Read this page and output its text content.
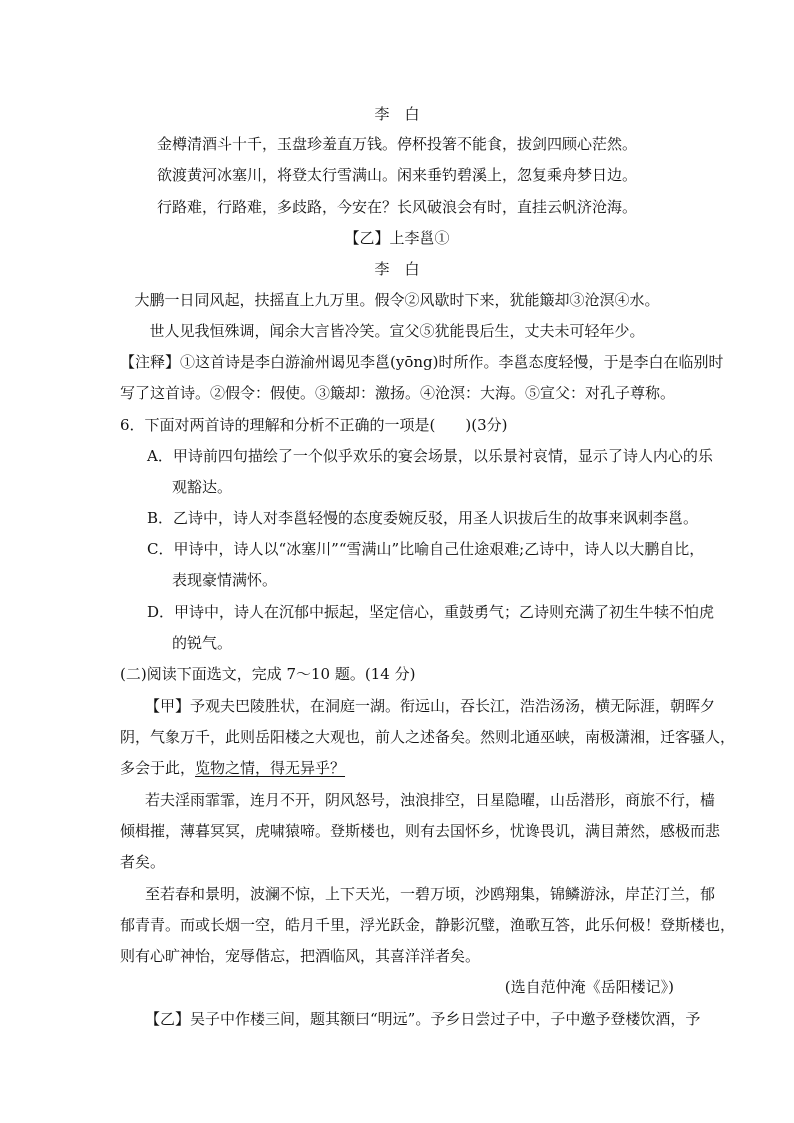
李　白
金樽清酒斗十千，玉盘珍羞直万钱。停杯投箸不能食，拔剑四顾心茫然。
欲渡黄河冰塞川，将登太行雪满山。闲来垂钓碧溪上，忽复乘舟梦日边。
行路难，行路难，多歧路，今安在？长风破浪会有时，直挂云帆济沧海。
【乙】上李邕①
李　白
大鹏一日同风起，扶摇直上九万里。假令②风歇时下来，犹能簸却③沧溟④水。
世人见我恒殊调，闻余大言皆冷笑。宣父⑤犹能畏后生，丈夫未可轻年少。
【注释】①这首诗是李白游渝州谒见李邕(yōng)时所作。李邕态度轻慢，于是李白在临别时
写了这首诗。②假令：假使。③簸却：激扬。④沧溟：大海。⑤宣父：对孔子尊称。
6．下面对两首诗的理解和分析不正确的一项是(　　)(3分)
A．甲诗前四句描绘了一个似乎欢乐的宴会场景，以乐景衬哀情，显示了诗人内心的乐
观豁达。
B．乙诗中，诗人对李邕轻慢的态度委婉反驳，用圣人识拔后生的故事来讽刺李邕。
C．甲诗中，诗人以“冰塞川”“雪满山”比喻自己仕途艰难;乙诗中，诗人以大鹏自比，
表现豪情满怀。
D．甲诗中，诗人在沉郁中振起，坚定信心，重鼓勇气；乙诗则充满了初生牛犊不怕虎
的锐气。
(二)阅读下面选文，完成 7～10 题。(14 分)
【甲】予观夫巴陵胜状，在洞庭一湖。衔远山，吞长江，浩浩汤汤，横无际涯，朝晖夕
阴，气象万千，此则岳阳楼之大观也，前人之述备矣。然则北通巫峡，南极潇湘，迁客骚人，
多会于此，览物之情，得无异乎？
若夫淫雨霏霏，连月不开，阴风怒号，浊浪排空，日星隐曜，山岳潜形，商旅不行，樯
倾楫摧，薄暮冥冥，虎啸猿啼。登斯楼也，则有去国怀乡，忧谗畏讥，满目萧然，感极而悲
者矣。
至若春和景明，波澜不惊，上下天光，一碧万顷，沙鸥翔集，锦鳞游泳，岸芷汀兰，郁
郁青青。而或长烟一空，皓月千里，浮光跃金，静影沉璧，渔歌互答，此乐何极！登斯楼也，
则有心旷神怡，宠辱偕忘，把酒临风，其喜洋洋者矣。
(选自范仲淹《岳阳楼记》)
【乙】吴子中作楼三间，题其额曰“明远”。予乡日尝过子中，子中邀予登楼饮酒，予
